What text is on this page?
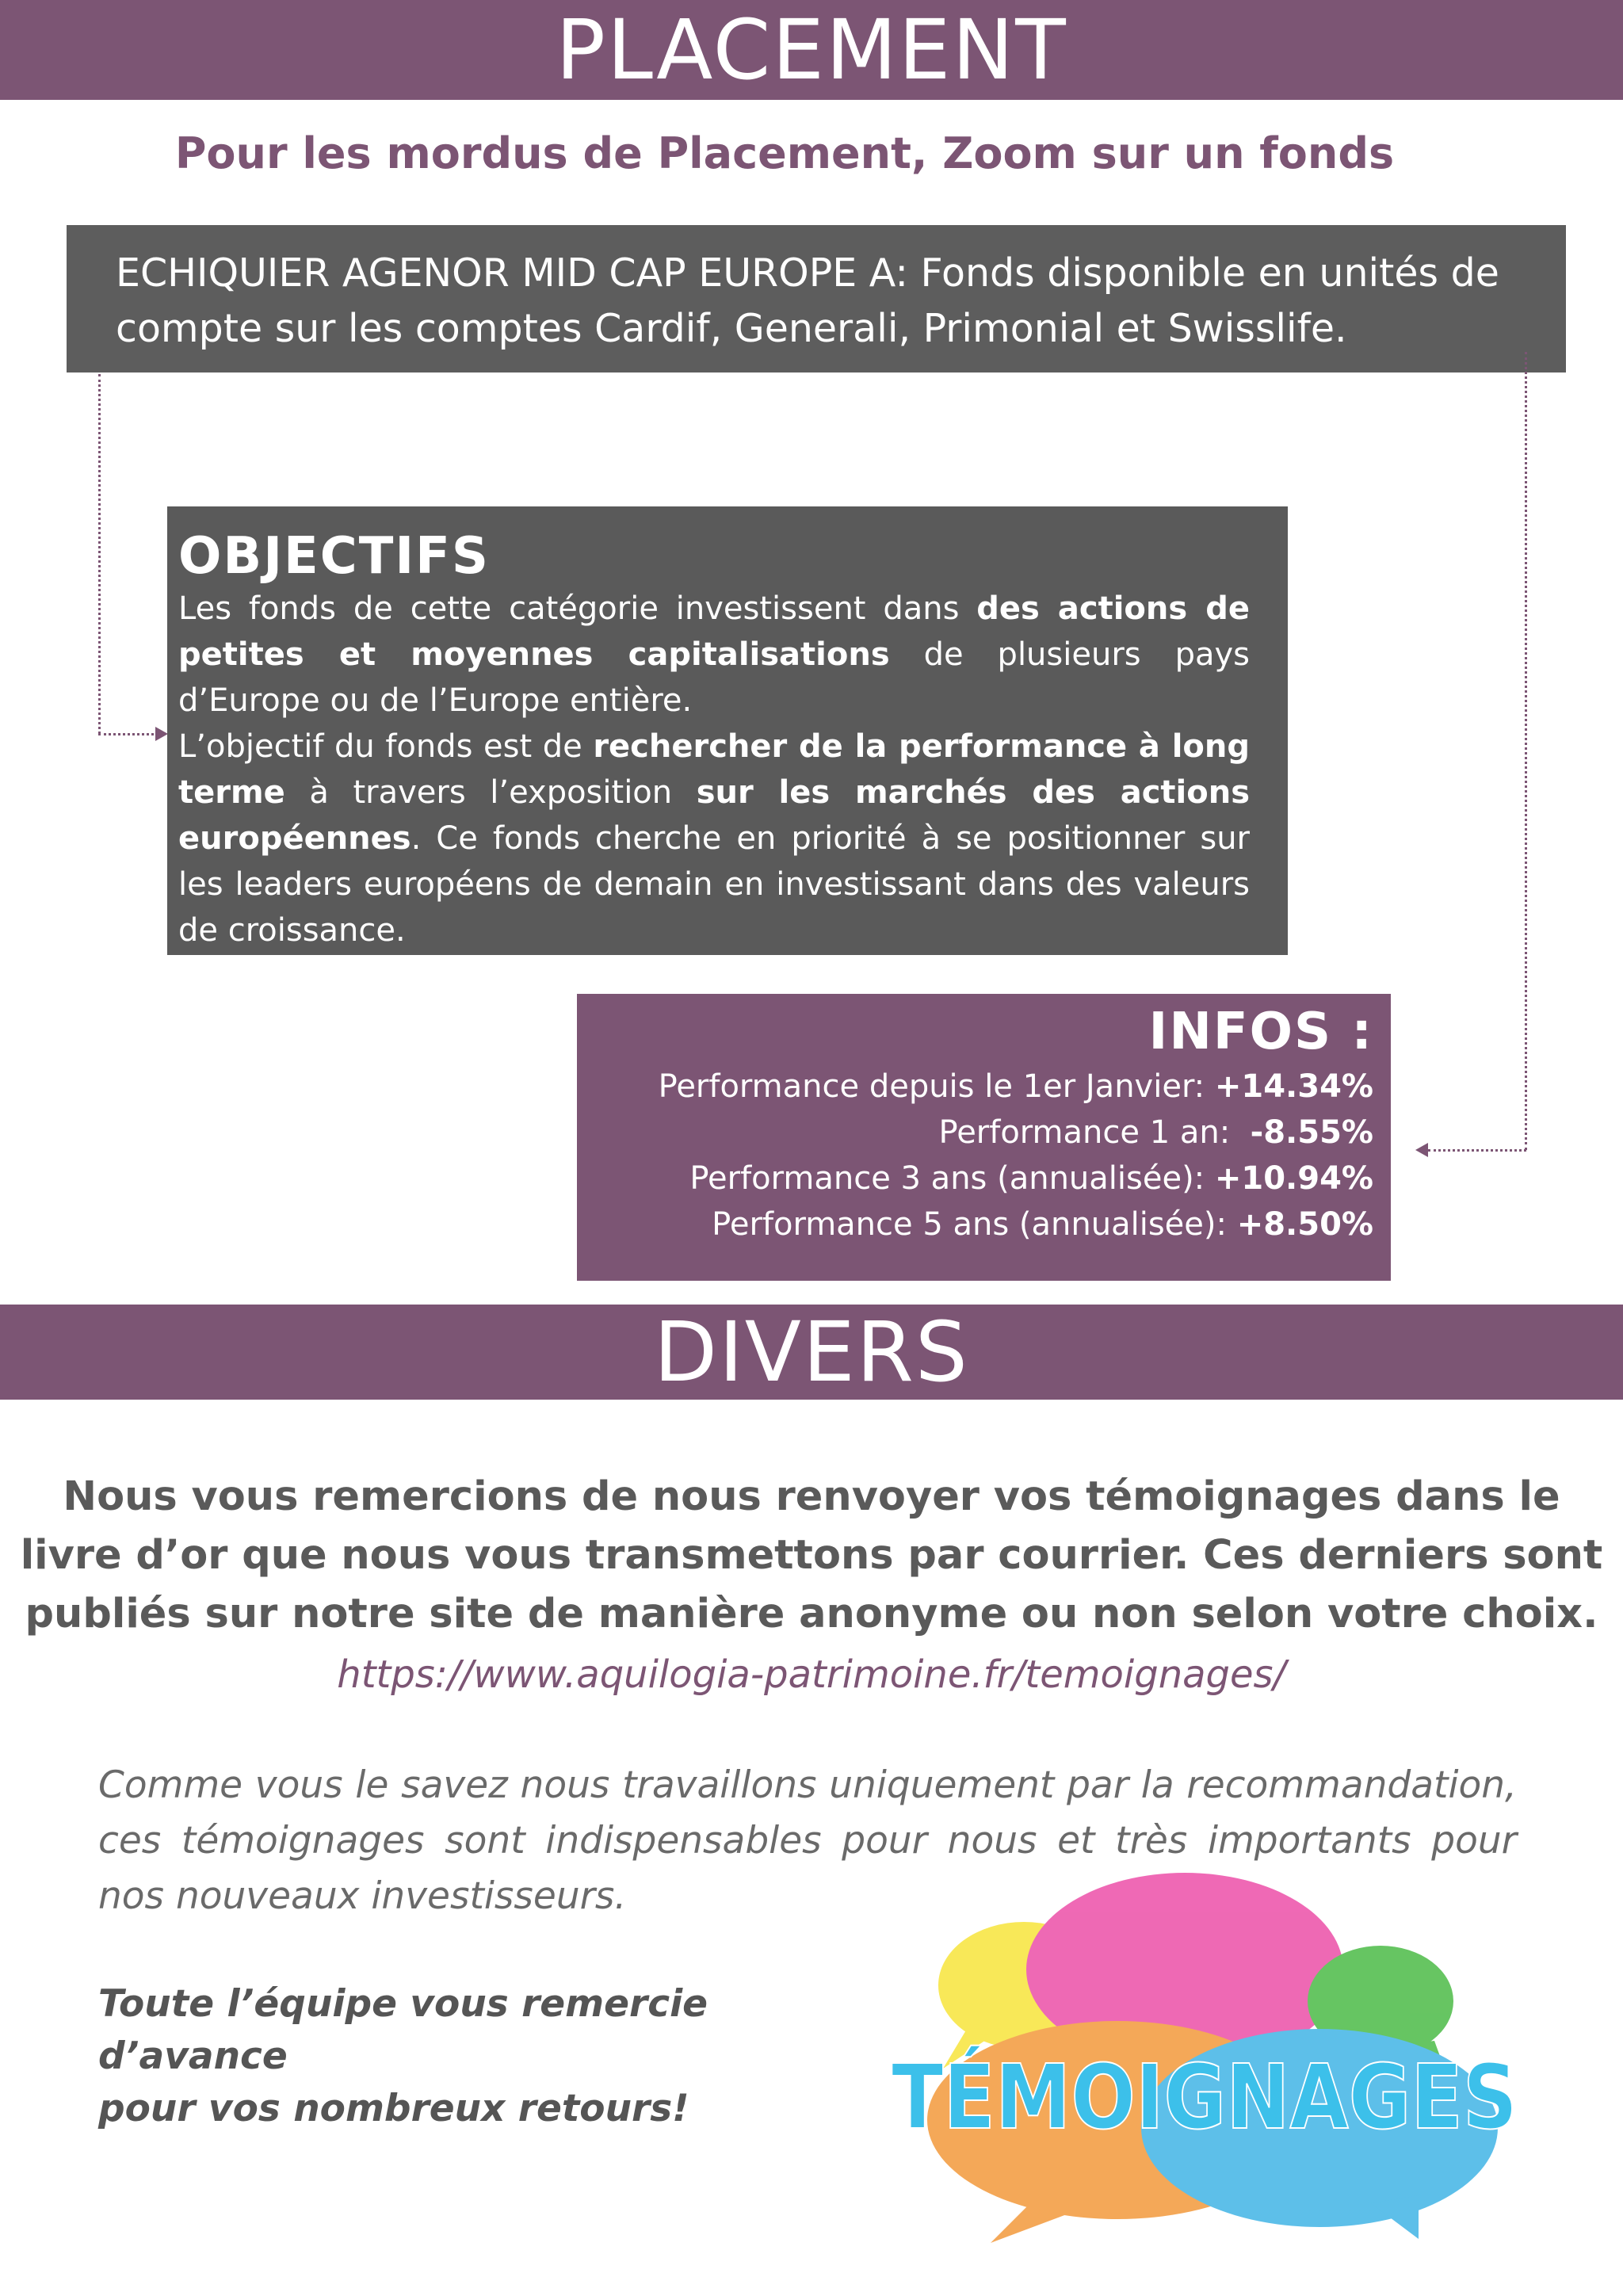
PLACEMENT
Pour les mordus de Placement, Zoom sur un fonds
ECHIQUIER AGENOR MID CAP EUROPE A: Fonds disponible en unités de
compte sur les comptes Cardif, Generali, Primonial et Swisslife.
OBJECTIFS
Les fonds de cette catégorie investissent dans des actions de petites et moyennes capitalisations de plusieurs pays d’Europe ou de l’Europe entière.
L’objectif du fonds est de rechercher de la performance à long terme à travers l’exposition sur les marchés des actions européennes. Ce fonds cherche en priorité à se positionner sur les leaders européens de demain en investissant dans des valeurs de croissance.
INFOS :
Performance depuis le 1er Janvier: +14.34%
Performance 1 an:  -8.55%
Performance 3 ans (annualisée): +10.94%
Performance 5 ans (annualisée): +8.50%
DIVERS
Nous vous remercions de nous renvoyer vos témoignages dans le
livre d’or que nous vous transmettons par courrier. Ces derniers sont
publiés sur notre site de manière anonyme ou non selon votre choix.
https://www.aquilogia-patrimoine.fr/temoignages/
Comme vous le savez nous travaillons uniquement par la recommandation, ces témoignages sont indispensables pour nous et très importants pour nos nouveaux investisseurs.
Toute l’équipe vous remercie d’avance
pour vos nombreux retours!	TÉMOIGNAGES
